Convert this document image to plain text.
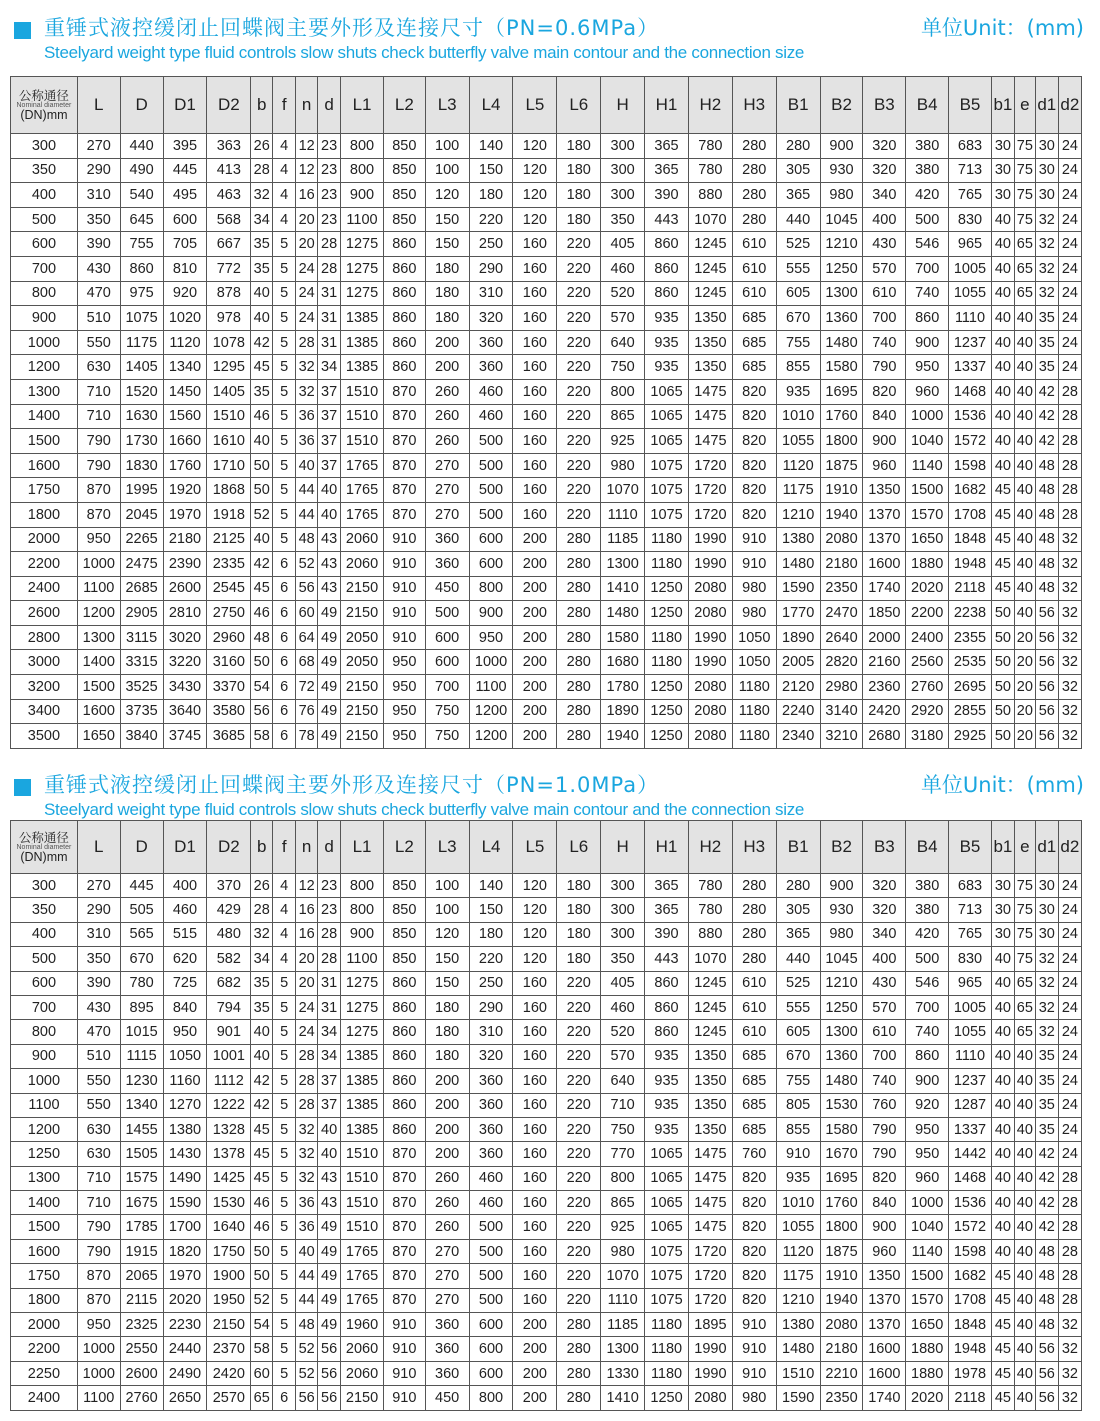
重锤式液控缓闭止回蝶阀主要外形及连接尺寸（PN=0.6MPa）
Steelyard weight type fluid controls slow shuts check butterfly valve main contour and the connection size
单位Unit：(mm)
公称通径
Nominal diameter
(DN)mm	L	D	D1	D2	b	f	n	d	L1	L2	L3	L4	L5	L6	H	H1	H2	H3	B1	B2	B3	B4	B5	b1	e	d1	d2
300	270	440	395	363	26	4	12	23	800	850	100	140	120	180	300	365	780	280	280	900	320	380	683	30	75	30	24
350	290	490	445	413	28	4	12	23	800	850	100	150	120	180	300	365	780	280	305	930	320	380	713	30	75	30	24
400	310	540	495	463	32	4	16	23	900	850	120	180	120	180	300	390	880	280	365	980	340	420	765	30	75	30	24
500	350	645	600	568	34	4	20	23	1100	850	150	220	120	180	350	443	1070	280	440	1045	400	500	830	40	75	32	24
600	390	755	705	667	35	5	20	28	1275	860	150	250	160	220	405	860	1245	610	525	1210	430	546	965	40	65	32	24
700	430	860	810	772	35	5	24	28	1275	860	180	290	160	220	460	860	1245	610	555	1250	570	700	1005	40	65	32	24
800	470	975	920	878	40	5	24	31	1275	860	180	310	160	220	520	860	1245	610	605	1300	610	740	1055	40	65	32	24
900	510	1075	1020	978	40	5	24	31	1385	860	180	320	160	220	570	935	1350	685	670	1360	700	860	1110	40	40	35	24
1000	550	1175	1120	1078	42	5	28	31	1385	860	200	360	160	220	640	935	1350	685	755	1480	740	900	1237	40	40	35	24
1200	630	1405	1340	1295	45	5	32	34	1385	860	200	360	160	220	750	935	1350	685	855	1580	790	950	1337	40	40	35	24
1300	710	1520	1450	1405	35	5	32	37	1510	870	260	460	160	220	800	1065	1475	820	935	1695	820	960	1468	40	40	42	28
1400	710	1630	1560	1510	46	5	36	37	1510	870	260	460	160	220	865	1065	1475	820	1010	1760	840	1000	1536	40	40	42	28
1500	790	1730	1660	1610	40	5	36	37	1510	870	260	500	160	220	925	1065	1475	820	1055	1800	900	1040	1572	40	40	42	28
1600	790	1830	1760	1710	50	5	40	37	1765	870	270	500	160	220	980	1075	1720	820	1120	1875	960	1140	1598	40	40	48	28
1750	870	1995	1920	1868	50	5	44	40	1765	870	270	500	160	220	1070	1075	1720	820	1175	1910	1350	1500	1682	45	40	48	28
1800	870	2045	1970	1918	52	5	44	40	1765	870	270	500	160	220	1110	1075	1720	820	1210	1940	1370	1570	1708	45	40	48	28
2000	950	2265	2180	2125	40	5	48	43	2060	910	360	600	200	280	1185	1180	1990	910	1380	2080	1370	1650	1848	45	40	48	32
2200	1000	2475	2390	2335	42	6	52	43	2060	910	360	600	200	280	1300	1180	1990	910	1480	2180	1600	1880	1948	45	40	48	32
2400	1100	2685	2600	2545	45	6	56	43	2150	910	450	800	200	280	1410	1250	2080	980	1590	2350	1740	2020	2118	45	40	48	32
2600	1200	2905	2810	2750	46	6	60	49	2150	910	500	900	200	280	1480	1250	2080	980	1770	2470	1850	2200	2238	50	40	56	32
2800	1300	3115	3020	2960	48	6	64	49	2050	910	600	950	200	280	1580	1180	1990	1050	1890	2640	2000	2400	2355	50	20	56	32
3000	1400	3315	3220	3160	50	6	68	49	2050	950	600	1000	200	280	1680	1180	1990	1050	2005	2820	2160	2560	2535	50	20	56	32
3200	1500	3525	3430	3370	54	6	72	49	2150	950	700	1100	200	280	1780	1250	2080	1180	2120	2980	2360	2760	2695	50	20	56	32
3400	1600	3735	3640	3580	56	6	76	49	2150	950	750	1200	200	280	1890	1250	2080	1180	2240	3140	2420	2920	2855	50	20	56	32
3500	1650	3840	3745	3685	58	6	78	49	2150	950	750	1200	200	280	1940	1250	2080	1180	2340	3210	2680	3180	2925	50	20	56	32
重锤式液控缓闭止回蝶阀主要外形及连接尺寸（PN=1.0MPa）
Steelyard weight type fluid controls slow shuts check butterfly valve main contour and the connection size
单位Unit：(mm)
公称通径
Nominal diameter
(DN)mm	L	D	D1	D2	b	f	n	d	L1	L2	L3	L4	L5	L6	H	H1	H2	H3	B1	B2	B3	B4	B5	b1	e	d1	d2
300	270	445	400	370	26	4	12	23	800	850	100	140	120	180	300	365	780	280	280	900	320	380	683	30	75	30	24
350	290	505	460	429	28	4	16	23	800	850	100	150	120	180	300	365	780	280	305	930	320	380	713	30	75	30	24
400	310	565	515	480	32	4	16	28	900	850	120	180	120	180	300	390	880	280	365	980	340	420	765	30	75	30	24
500	350	670	620	582	34	4	20	28	1100	850	150	220	120	180	350	443	1070	280	440	1045	400	500	830	40	75	32	24
600	390	780	725	682	35	5	20	31	1275	860	150	250	160	220	405	860	1245	610	525	1210	430	546	965	40	65	32	24
700	430	895	840	794	35	5	24	31	1275	860	180	290	160	220	460	860	1245	610	555	1250	570	700	1005	40	65	32	24
800	470	1015	950	901	40	5	24	34	1275	860	180	310	160	220	520	860	1245	610	605	1300	610	740	1055	40	65	32	24
900	510	1115	1050	1001	40	5	28	34	1385	860	180	320	160	220	570	935	1350	685	670	1360	700	860	1110	40	40	35	24
1000	550	1230	1160	1112	42	5	28	37	1385	860	200	360	160	220	640	935	1350	685	755	1480	740	900	1237	40	40	35	24
1100	550	1340	1270	1222	42	5	28	37	1385	860	200	360	160	220	710	935	1350	685	805	1530	760	920	1287	40	40	35	24
1200	630	1455	1380	1328	45	5	32	40	1385	860	200	360	160	220	750	935	1350	685	855	1580	790	950	1337	40	40	35	24
1250	630	1505	1430	1378	45	5	32	40	1510	870	200	360	160	220	770	1065	1475	760	910	1670	790	950	1442	40	40	42	24
1300	710	1575	1490	1425	45	5	32	43	1510	870	260	460	160	220	800	1065	1475	820	935	1695	820	960	1468	40	40	42	28
1400	710	1675	1590	1530	46	5	36	43	1510	870	260	460	160	220	865	1065	1475	820	1010	1760	840	1000	1536	40	40	42	28
1500	790	1785	1700	1640	46	5	36	49	1510	870	260	500	160	220	925	1065	1475	820	1055	1800	900	1040	1572	40	40	42	28
1600	790	1915	1820	1750	50	5	40	49	1765	870	270	500	160	220	980	1075	1720	820	1120	1875	960	1140	1598	40	40	48	28
1750	870	2065	1970	1900	50	5	44	49	1765	870	270	500	160	220	1070	1075	1720	820	1175	1910	1350	1500	1682	45	40	48	28
1800	870	2115	2020	1950	52	5	44	49	1765	870	270	500	160	220	1110	1075	1720	820	1210	1940	1370	1570	1708	45	40	48	28
2000	950	2325	2230	2150	54	5	48	49	1960	910	360	600	200	280	1185	1180	1895	910	1380	2080	1370	1650	1848	45	40	48	32
2200	1000	2550	2440	2370	58	5	52	56	2060	910	360	600	200	280	1300	1180	1990	910	1480	2180	1600	1880	1948	45	40	56	32
2250	1000	2600	2490	2420	60	5	52	56	2060	910	360	600	200	280	1330	1180	1990	910	1510	2210	1600	1880	1978	45	40	56	32
2400	1100	2760	2650	2570	65	6	56	56	2150	910	450	800	200	280	1410	1250	2080	980	1590	2350	1740	2020	2118	45	40	56	32
